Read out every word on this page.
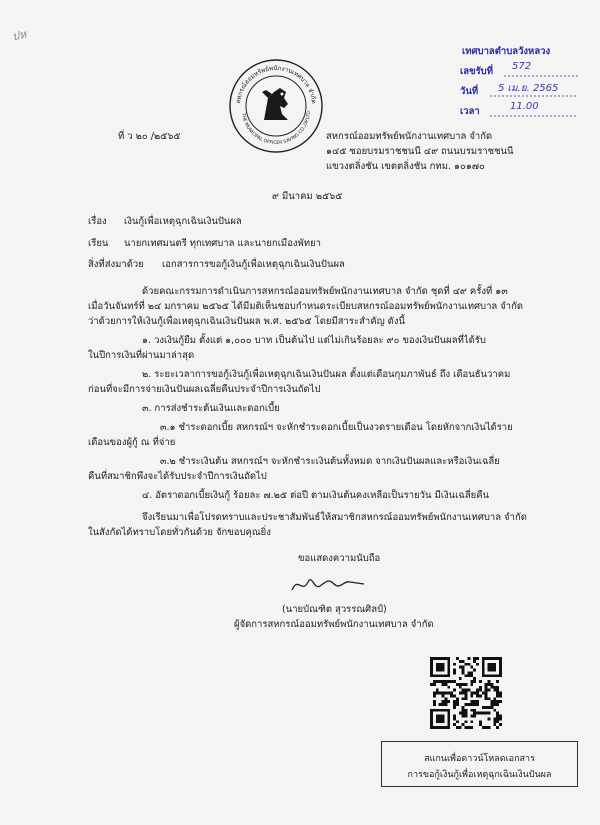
ปห
เทศบาลตำบลวังหลวง
เลขรับที่ 572
วันที่ 5 เม.ย. 2565
เวลา	11.00
สหกรณ์ออมทรัพย์พนักงานเทศบาล จำกัด
THE MUNICIPAL OFFICER SAVING CO.,OP.LTD.
ที่ ว ๒๐ /๒๕๖๕	สหกรณ์ออมทรัพย์พนักงานเทศบาล จำกัด
๑๔๕ ซอยบรมราชชนนี ๔๙ ถนนบรมราชชนนี
แขวงตลิ่งชัน เขตตลิ่งชัน กทม. ๑๐๑๗๐
๙ มีนาคม ๒๕๖๕
เรื่อง เงินกู้เพื่อเหตุฉุกเฉินเงินปันผล
เรียน นายกเทศมนตรี ทุกเทศบาล และนายกเมืองพัทยา
สิ่งที่ส่งมาด้วย เอกสารการขอกู้เงินกู้เพื่อเหตุฉุกเฉินเงินปันผล
ด้วยคณะกรรมการดำเนินการสหกรณ์ออมทรัพย์พนักงานเทศบาล จำกัด ชุดที่ ๔๙ ครั้งที่ ๑๓
เมื่อวันจันทร์ที่ ๒๔ มกราคม ๒๕๖๕ ได้มีมติเห็นชอบกำหนดระเบียบสหกรณ์ออมทรัพย์พนักงานเทศบาล จำกัด
ว่าด้วยการให้เงินกู้เพื่อเหตุฉุกเฉินเงินปันผล พ.ศ. ๒๕๖๕ โดยมีสาระสำคัญ ดังนี้
๑. วงเงินกู้ยืม ตั้งแต่ ๑,๐๐๐ บาท เป็นต้นไป แต่ไม่เกินร้อยละ ๙๐ ของเงินปันผลที่ได้รับ
ในปีการเงินที่ผ่านมาล่าสุด
๒. ระยะเวลาการขอกู้เงินกู้เพื่อเหตุฉุกเฉินเงินปันผล ตั้งแต่เดือนกุมภาพันธ์ ถึง เดือนธันวาคม
ก่อนที่จะมีการจ่ายเงินปันผลเฉลี่ยคืนประจำปีการเงินถัดไป
๓. การส่งชำระต้นเงินและดอกเบี้ย
๓.๑ ชำระดอกเบี้ย สหกรณ์ฯ จะหักชำระดอกเบี้ยเป็นงวดรายเดือน โดยหักจากเงินได้ราย
เดือนของผู้กู้ ณ ที่จ่าย
๓.๒ ชำระเงินต้น สหกรณ์ฯ จะหักชำระเงินต้นทั้งหมด จากเงินปันผลและหรือเงินเฉลี่ย
คืนที่สมาชิกพึงจะได้รับประจำปีการเงินถัดไป
๔. อัตราดอกเบี้ยเงินกู้ ร้อยละ ๗.๒๕ ต่อปี ตามเงินต้นคงเหลือเป็นรายวัน มีเงินเฉลี่ยคืน
จึงเรียนมาเพื่อโปรดทราบและประชาสัมพันธ์ให้สมาชิกสหกรณ์ออมทรัพย์พนักงานเทศบาล จำกัด
ในสังกัดได้ทราบโดยทั่วกันด้วย จักขอบคุณยิ่ง
ขอแสดงความนับถือ
(นายบัณฑิต สุวรรณศิลป์)
ผู้จัดการสหกรณ์ออมทรัพย์พนักงานเทศบาล จำกัด
สแกนเพื่อดาวน์โหลดเอกสาร
การขอกู้เงินกู้เพื่อเหตุฉุกเฉินเงินปันผล
